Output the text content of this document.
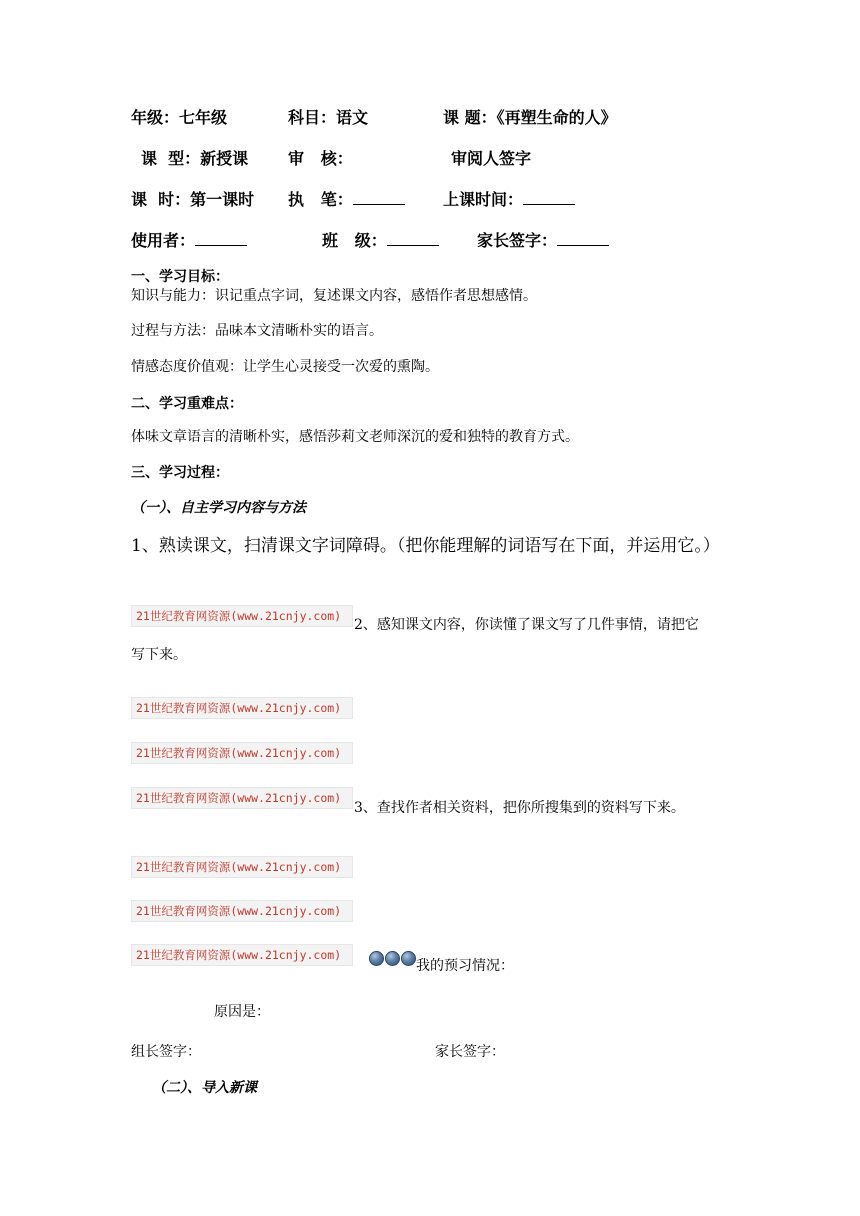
年级：七年级	科目：语文	课 题：《再塑生命的人》
课  型：新授课 审   核：	审阅人签字
课  时：第一课时 执   笔：	上课时间：
使用者：	班   级：	家长签字：
一、学习目标：
知识与能力：识记重点字词，复述课文内容，感悟作者思想感情。
过程与方法：品味本文清晰朴实的语言。
情感态度价值观：让学生心灵接受一次爱的熏陶。
二、学习重难点：
体味文章语言的清晰朴实，感悟莎莉文老师深沉的爱和独特的教育方式。
三、学习过程：
（一）、自主学习内容与方法
1、熟读课文，扫清课文字词障碍。（把你能理解的词语写在下面，并运用它。）
21世纪教育网资源(www.21cnjy.com)
2、感知课文内容，你读懂了课文写了几件事情，请把它
写下来。
21世纪教育网资源(www.21cnjy.com)
21世纪教育网资源(www.21cnjy.com)
21世纪教育网资源(www.21cnjy.com)
3、查找作者相关资料，把你所搜集到的资料写下来。
21世纪教育网资源(www.21cnjy.com)
21世纪教育网资源(www.21cnjy.com)
21世纪教育网资源(www.21cnjy.com)
我的预习情况：
原因是：
组长签字：	家长签字：
（二）、导入新课
